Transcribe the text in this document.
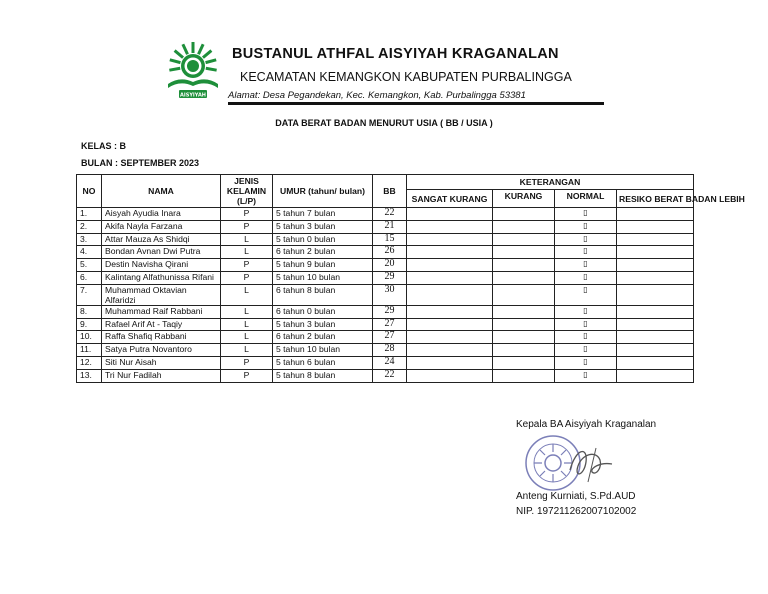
AISYIYAH
BUSTANUL ATHFAL AISYIYAH KRAGANALAN
KECAMATAN KEMANGKON KABUPATEN PURBALINGGA
Alamat: Desa Pegandekan, Kec. Kemangkon, Kab. Purbalingga 53381
DATA BERAT BADAN MENURUT USIA ( BB / USIA )
KELAS : B
BULAN : SEPTEMBER 2023
NO	NAMA	JENIS KELAMIN (L/P)	UMUR (tahun/ bulan)	BB	KETERANGAN			
					SANGAT KURANG	KURANG	NORMAL	RESIKO BERAT BADAN LEBIH
1.	Aisyah Ayudia Inara	P	5 tahun 7 bulan	22			▯	
2.	Akifa Nayla Farzana	P	5 tahun 3 bulan	21			▯	
3.	Attar Mauza As Shidqi	L	5 tahun 0 bulan	15			▯	
4.	Bondan Avnan Dwi Putra	L	6 tahun 2 bulan	26			▯	
5.	Destin Navisha Qirani	P	5 tahun 9 bulan	20			▯	
6.	Kalintang Alfathunissa Rifani	P	5 tahun 10 bulan	29			▯	
7.	Muhammad Oktavian Alfaridzi	L	6 tahun 8 bulan	30			▯	
8.	Muhammad Raif Rabbani	L	6 tahun 0 bulan	29			▯	
9.	Rafael Arif At - Taqiy	L	5 tahun 3 bulan	27			▯	
10.	Raffa Shafiq Rabbani	L	6 tahun 2 bulan	27			▯	
11.	Satya Putra Novantoro	L	5 tahun 10 bulan	28			▯	
12.	Siti Nur Aisah	P	5 tahun 6 bulan	24			▯	
13.	Tri Nur Fadilah	P	5 tahun 8 bulan	22			▯	
Kepala BA Aisyiyah Kraganalan
Anteng Kurniati, S.Pd.AUD
NIP. 197211262007102002
